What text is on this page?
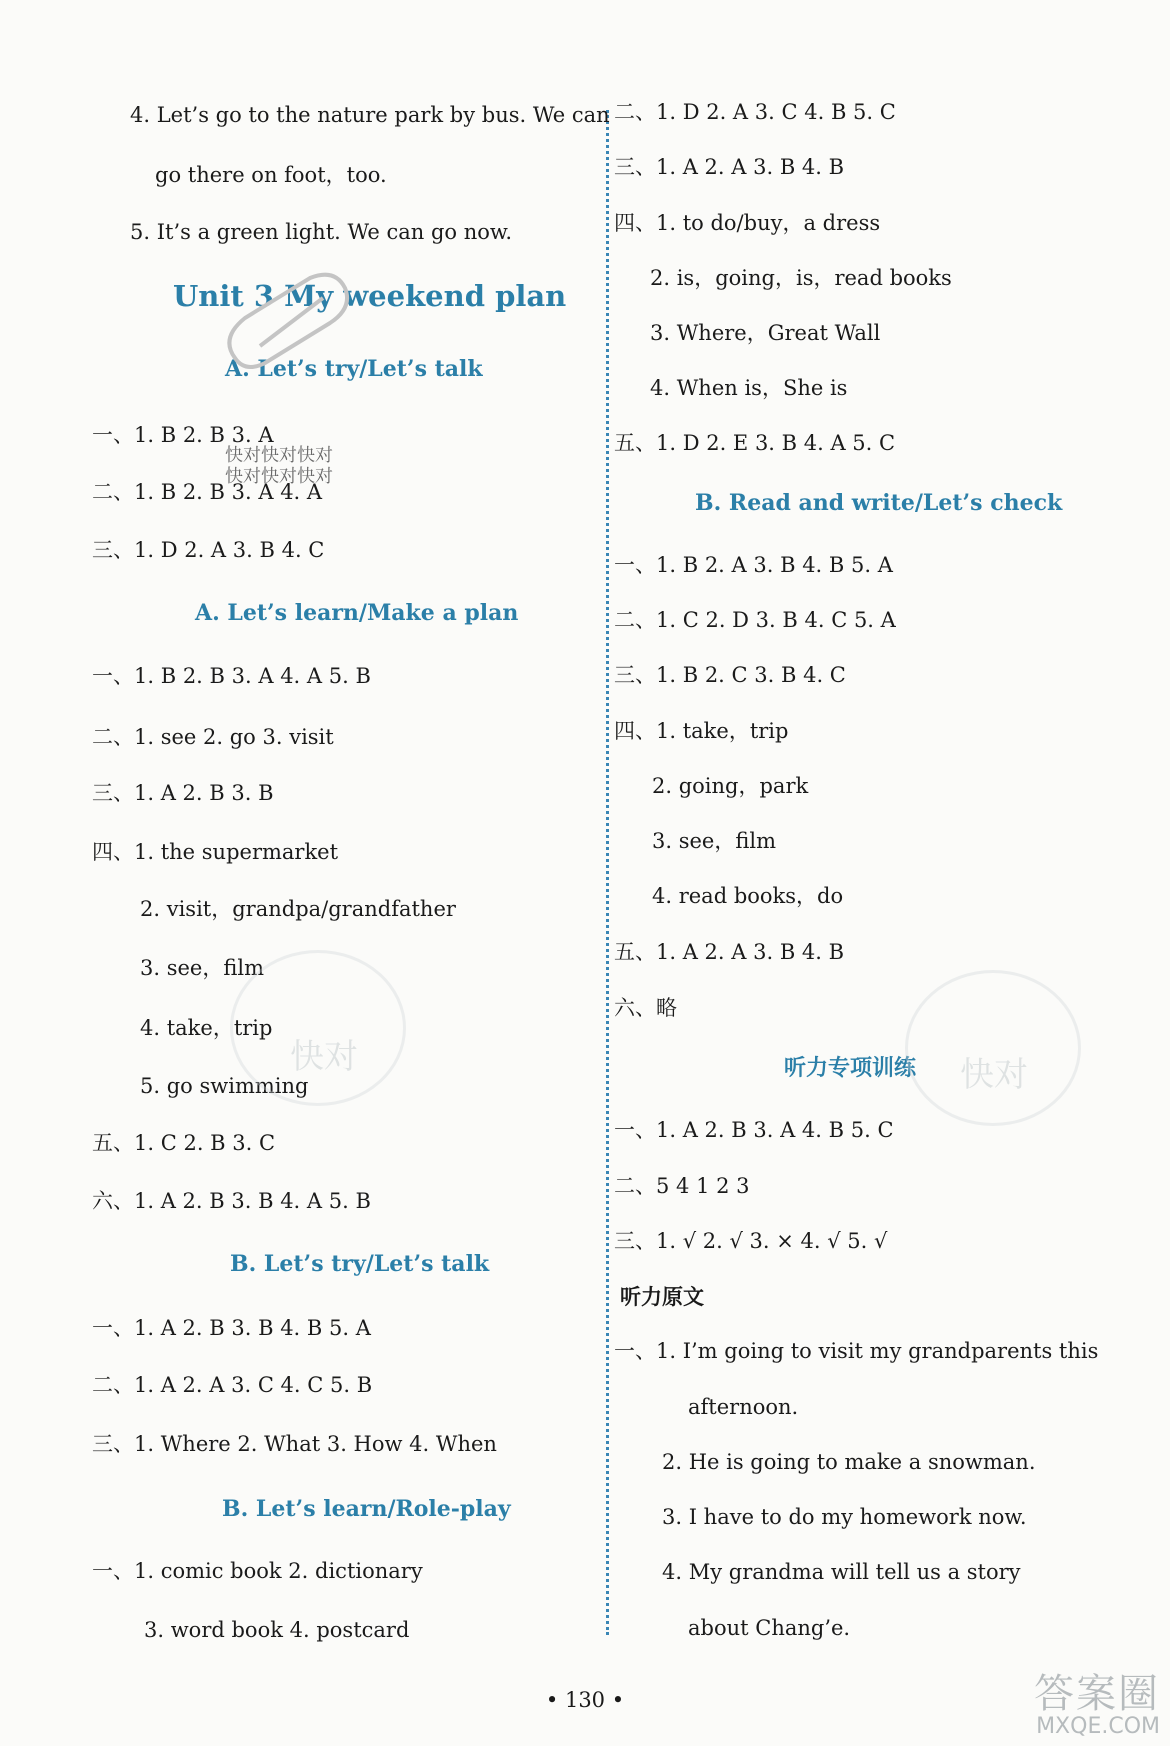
4. Let’s go to the nature park by bus. We can
go there on foot，too.
5. It’s a green light. We can go now.
一、1. B 2. B 3. A
二、1. B 2. B 3. A 4. A
三、1. D 2. A 3. B 4. C
一、1. B 2. B 3. A 4. A 5. B
二、1. see 2. go 3. visit
三、1. A 2. B 3. B
四、1. the supermarket
2. visit，grandpa/grandfather
3. see，film
4. take，trip
5. go swimming
五、1. C 2. B 3. C
六、1. A 2. B 3. B 4. A 5. B
一、1. A 2. B 3. B 4. B 5. A
二、1. A 2. A 3. C 4. C 5. B
三、1. Where 2. What 3. How 4. When
一、1. comic book 2. dictionary
3. word book 4. postcard
Unit 3 My weekend plan
A. Let’s try/Let’s talk
A. Let’s learn/Make a plan
B. Let’s try/Let’s talk
B. Let’s learn/Role-play
二、1. D 2. A 3. C 4. B 5. C
三、1. A 2. A 3. B 4. B
四、1. to do/buy，a dress
2. is，going，is，read books
3. Where，Great Wall
4. When is，She is
五、1. D 2. E 3. B 4. A 5. C
一、1. B 2. A 3. B 4. B 5. A
二、1. C 2. D 3. B 4. C 5. A
三、1. B 2. C 3. B 4. C
四、1. take，trip
2. going，park
3. see，film
4. read books，do
五、1. A 2. A 3. B 4. B
六、略
一、1. A 2. B 3. A 4. B 5. C
二、5 4 1 2 3
三、1. √ 2. √ 3. × 4. √ 5. √
一、1. I’m going to visit my grandparents this
afternoon.
2. He is going to make a snowman.
3. I have to do my homework now.
4. My grandma will tell us a story
about Chang’e.
B. Read and write/Let’s check
听力专项训练
听力原文
快对快对快对
快对快对快对
快对	快对
• 130 •	答案圈
MXQE.COM
